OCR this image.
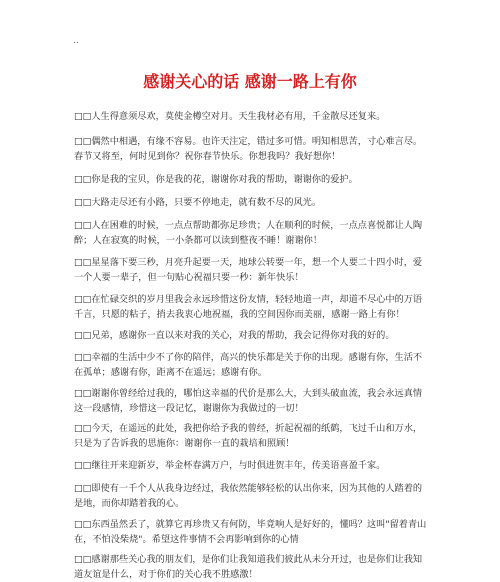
..
感谢关心的话 感谢一路上有你

□□人生得意须尽欢，莫使金樽空对月。天生我材必有用，千金散尽还复来。

□□偶然中相遇，有缘不容易。也许天注定，错过多可惜。明知相思苦，寸心难言尽。春节又将至，何时见到你？祝你春节快乐。你想我吗？我好想你！

□□你是我的宝贝，你是我的花，谢谢你对我的帮助，谢谢你的爱护。

□□大路走尽还有小路，只要不停地走，就有数不尽的风光。

□□人在困难的时候，一点点帮助都弥足珍贵；人在顺利的时候，一点点喜悦都让人陶醉；人在寂寞的时候，一小条都可以读到整夜不睡！谢谢你！

□□星星落下要三秒，月亮升起要一天，地球公转要一年，想一个人要二十四小时，爱一个人要一辈子，但一句贴心祝福只要一秒：新年快乐！

□□在忙碌交织的岁月里我会永远珍惜这份友情，轻轻地道一声，却道不尽心中的万语千言，只愿的粘子，捎去我衷心地祝福，我的空间因你而美丽，感谢一路上有你！

□□兄弟，感谢你一直以来对我的关心，对我的帮助，我会记得你对我的好的。

□□幸福的生活中少不了你的陪伴，高兴的快乐都是关于你的出现。感谢有你，生活不在孤单；感谢有你，距离不在遥远；感谢有你。

□□谢谢你曾经给过我的，哪怕这幸福的代价是那么大，大到头破血流，我会永远真情这一段感情，珍惜这一段记忆，谢谢你为我做过的一切！

□□今天，在遥远的此处，我把你给予我的曾经，折起祝福的纸鹤，飞过千山和万水，只是为了告诉我的思施你：谢谢你一直的栽培和照顾！

□□继往开来迎新岁，举金杯春满万户，与时俱进贺丰年，传美语喜盈千家。

□□即使有一千个人从我身边经过，我依然能够轻松的认出你来，因为其他的人踏着的是地，而你却踏着我的心。

□□东西虽然丢了，就算它再珍贵又有何防，毕竟响人是好好的，懂吗？这叫"留着青山在，不怕没柴烧"。希望这件事情不会再影响到你的心情

□□感谢那些关心我的朋友们，是你们让我知道我们彼此从未分开过，也是你们让我知道友谊是什么，对于你们的关心我不胜感激！
